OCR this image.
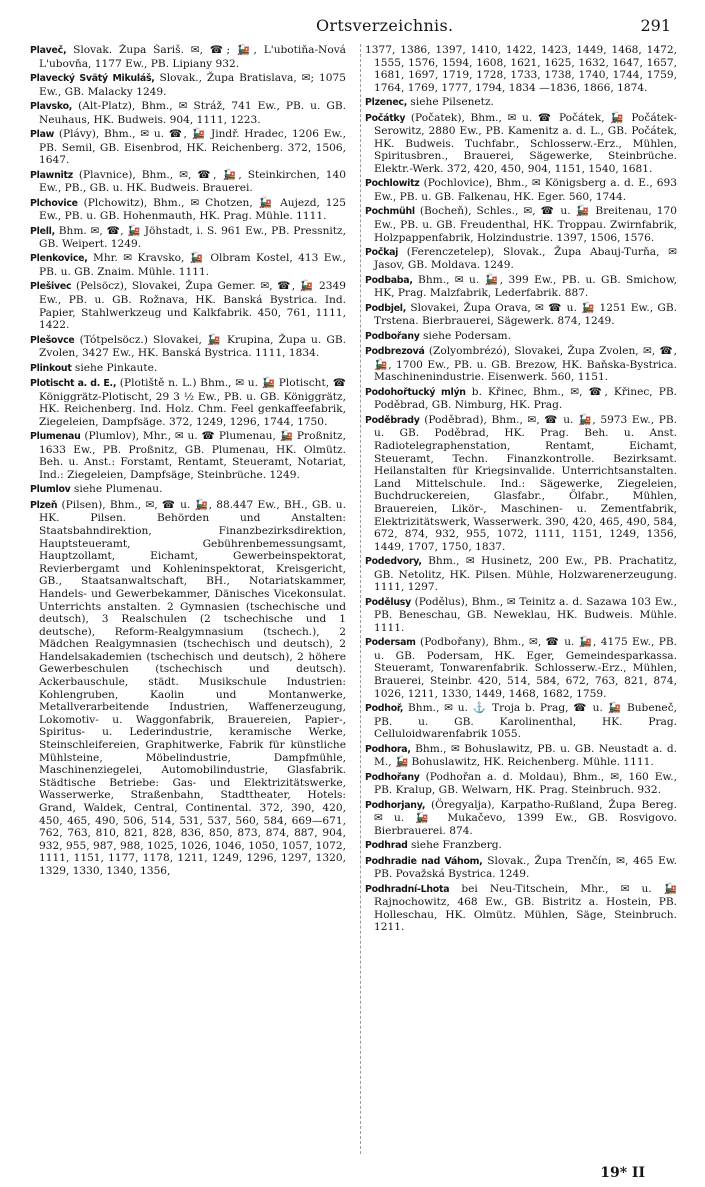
Ortsverzeichnis.	291

Plaveč, Slovak. Župa Šariš. ✉, ☎; 🚂, L'ubotiňa-Nová L'ubovňa, 1177 Ew., PB. Lipiany 932.

Plavecký Svätý Mikuláš, Slovak., Župa Bratislava, ✉; 1075 Ew., GB. Malacky 1249.

Plavsko, (Alt-Platz), Bhm., ✉ Stráž, 741 Ew., PB. u. GB. Neuhaus, HK. Budweis. 904, 1111, 1223.

Plaw (Plávy), Bhm., ✉ u. ☎, 🚂 Jindř. Hradec, 1206 Ew., PB. Semil, GB. Eisenbrod, HK. Reichenberg. 372, 1506, 1647.

Plawnitz (Plavnice), Bhm., ✉, ☎, 🚂, Steinkirchen, 140 Ew., PB., GB. u. HK. Budweis. Brauerei.

Plchovice (Plchowitz), Bhm., ✉ Chotzen, 🚂 Aujezd, 125 Ew., PB. u. GB. Hohenmauth, HK. Prag. Mühle. 1111.

Plell, Bhm. ✉, ☎, 🚂 Jöhstadt, i. S. 961 Ew., PB. Pressnitz, GB. Weipert. 1249.

Plenkovice, Mhr. ✉ Kravsko, 🚂 Olbram Kostel, 413 Ew., PB. u. GB. Znaim. Mühle. 1111.

Plešivec (Pelsöcz), Slovakei, Župa Gemer. ✉, ☎, 🚂 2349 Ew., PB. u. GB. Rožnava, HK. Banská Bystrica. Ind. Papier, Stahlwerkzeug und Kalkfabrik. 450, 761, 1111, 1422.

Plešovce (Tótpelsöcz.) Slovakei, 🚂 Krupina, Župa u. GB. Zvolen, 3427 Ew., HK. Banská Bystrica. 1111, 1834.

Plinkout siehe Pinkaute.

Plotischt a. d. E., (Plotiště n. L.) Bhm., ✉ u. 🚂 Plotischt, ☎ Königgrätz-Plotischt, 29 3 ½ Ew., PB. u. GB. Königgrätz, HK. Reichenberg. Ind. Holz. Chm. Feel genkaffeefabrik, Ziegeleien, Dampfsäge. 372, 1249, 1296, 1744, 1750.

Plumenau (Plumlov), Mhr., ✉ u. ☎ Plumenau, 🚂 Proßnitz, 1633 Ew., PB. Proßnitz, GB. Plumenau, HK. Olmütz. Beh. u. Anst.: Forstamt, Rentamt, Steueramt, Notariat, Ind.: Ziegeleien, Dampfsäge, Steinbrüche. 1249.

Plumlov siehe Plumenau.

Plzeň (Pilsen), Bhm., ✉, ☎ u. 🚂, 88.447 Ew., BH., GB. u. HK. Pilsen. Behörden und Anstalten: Staatsbahndirektion, Finanzbezirksdirektion, Hauptsteueramt, Gebührenbemessungsamt, Hauptzollamt, Eichamt, Gewerbeinspektorat, Revierbergamt und Kohleninspektorat, Kreisgericht, GB., Staatsanwaltschaft, BH., Notariatskammer, Handels- und Gewerbekammer, Dänisches Vicekonsulat. Unterrichts anstalten. 2 Gymnasien (tschechische und deutsch), 3 Realschulen (2 tschechische und 1 deutsche), Reform-Realgymnasium (tschech.), 2 Mädchen Realgymnasien (tschechisch und deutsch), 2 Handelsakademien (tschechisch und deutsch), 2 höhere Gewerbeschulen (tschechisch und deutsch). Ackerbauschule, städt. Musikschule Industrien: Kohlengruben, Kaolin und Montanwerke, Metallverarbeitende Industrien, Waffenerzeugung, Lokomotiv- u. Waggonfabrik, Brauereien, Papier-, Spiritus- u. Lederindustrie, keramische Werke, Steinschleifereien, Graphitwerke, Fabrik für künstliche Mühlsteine, Möbelindustrie, Dampfmühle, Maschinenziegelei, Automobilindustrie, Glasfabrik. Städtische Betriebe: Gas- und Elektrizitätswerke, Wasserwerke, Straßenbahn, Stadttheater, Hotels: Grand, Waldek, Central, Continental. 372, 390, 420, 450, 465, 490, 506, 514, 531, 537, 560, 584, 669—671, 762, 763, 810, 821, 828, 836, 850, 873, 874, 887, 904, 932, 955, 987, 988, 1025, 1026, 1046, 1050, 1057, 1072, 1111, 1151, 1177, 1178, 1211, 1249, 1296, 1297, 1320, 1329, 1330, 1340, 1356,

1377, 1386, 1397, 1410, 1422, 1423, 1449, 1468, 1472, 1555, 1576, 1594, 1608, 1621, 1625, 1632, 1647, 1657, 1681, 1697, 1719, 1728, 1733, 1738, 1740, 1744, 1759, 1764, 1769, 1777, 1794, 1834 —1836, 1866, 1874.

Plzenec, siehe Pilsenetz.

Počátky (Počatek), Bhm., ✉ u. ☎ Počátek, 🚂 Počátek-Serowitz, 2880 Ew., PB. Kamenitz a. d. L., GB. Počátek, HK. Budweis. Tuchfabr., Schlosserw.-Erz., Mühlen, Spiritusbren., Brauerei, Sägewerke, Steinbrüche. Elektr.-Werk. 372, 420, 450, 904, 1151, 1540, 1681.

Pochlowitz (Pochlovice), Bhm., ✉ Königsberg a. d. E., 693 Ew., PB. u. GB. Falkenau, HK. Eger. 560, 1744.

Pochmühl (Bocheň), Schles., ✉, ☎ u. 🚂 Breitenau, 170 Ew., PB. u. GB. Freudenthal, HK. Troppau. Zwirnfabrik, Holzpappenfabrik, Holzindustrie. 1397, 1506, 1576.

Počkaj (Ferenczetelep), Slovak., Župa Abauj-Turňa, ✉ Jasov, GB. Moldava. 1249.

Podbaba, Bhm., ✉ u. 🚂, 399 Ew., PB. u. GB. Smichow, HK, Prag. Malzfabrik, Lederfabrik. 887.

Podbjel, Slovakei, Župa Orava, ✉ ☎ u. 🚂 1251 Ew., GB. Trstena. Bierbrauerei, Sägewerk. 874, 1249.

Podbořany siehe Podersam.

Podbrezová (Zolyombrézó), Slovakei, Župa Zvolen, ✉, ☎, 🚂, 1700 Ew., PB. u. GB. Brezow, HK. Baňska-Bystrica. Maschinenindustrie. Eisenwerk. 560, 1151.

Podohořtucký mlýn b. Křinec, Bhm., ✉, ☎, Křinec, PB. Poděbrad, GB. Nimburg, HK. Prag.

Poděbrady (Poděbrad), Bhm., ✉, ☎ u. 🚂, 5973 Ew., PB. u. GB. Poděbrad, HK. Prag. Beh. u. Anst. Radiotelegraphenstation, Rentamt, Eichamt, Steueramt, Techn. Finanzkontrolle. Bezirksamt. Heilanstalten für Kriegsinvalide. Unterrichtsanstalten. Land Mittelschule. Ind.: Sägewerke, Ziegeleien, Buchdruckereien, Glasfabr., Ölfabr., Mühlen, Brauereien, Likör-, Maschinen- u. Zementfabrik, Elektrizitätswerk, Wasserwerk. 390, 420, 465, 490, 584, 672, 874, 932, 955, 1072, 1111, 1151, 1249, 1356, 1449, 1707, 1750, 1837.

Podedvory, Bhm., ✉ Husinetz, 200 Ew., PB. Prachatitz, GB. Netolitz, HK. Pilsen. Mühle, Holzwarenerzeugung. 1111, 1297.

Podělusy (Podělus), Bhm., ✉ Teinitz a. d. Sazawa 103 Ew., PB. Beneschau, GB. Neweklau, HK. Budweis. Mühle. 1111.

Podersam (Podbořany), Bhm., ✉, ☎ u. 🚂, 4175 Ew., PB. u. GB. Podersam, HK. Eger, Gemeindesparkassa. Steueramt, Tonwarenfabrik. Schlosserw.-Erz., Mühlen, Brauerei, Steinbr. 420, 514, 584, 672, 763, 821, 874, 1026, 1211, 1330, 1449, 1468, 1682, 1759.

Podhoř, Bhm., ✉ u. ⚓ Troja b. Prag, ☎ u. 🚂 Bubeneč, PB. u. GB. Karolinenthal, HK. Prag. Celluloidwarenfabrik 1055.

Podhora, Bhm., ✉ Bohuslawitz, PB. u. GB. Neustadt a. d. M., 🚂 Bohuslawitz, HK. Reichenberg. Mühle. 1111.

Podhořany (Podhořan a. d. Moldau), Bhm., ✉, 160 Ew., PB. Kralup, GB. Welwarn, HK. Prag. Steinbruch. 932.

Podhorjany, (Öregyalja), Karpatho-Rußland, Župa Bereg. ✉ u. 🚂 Mukačevo, 1399 Ew., GB. Rosvigovo. Bierbrauerei. 874.

Podhrad siehe Franzberg.

Podhradie nad Váhom, Slovak., Župa Trenčín, ✉, 465 Ew. PB. Považská Bystrica. 1249.

Podhradní-Lhota bei Neu-Titschein, Mhr., ✉ u. 🚂 Rajnochowitz, 468 Ew., GB. Bistritz a. Hostein, PB. Holleschau, HK. Olmütz. Mühlen, Säge, Steinbruch. 1211.

19* II
